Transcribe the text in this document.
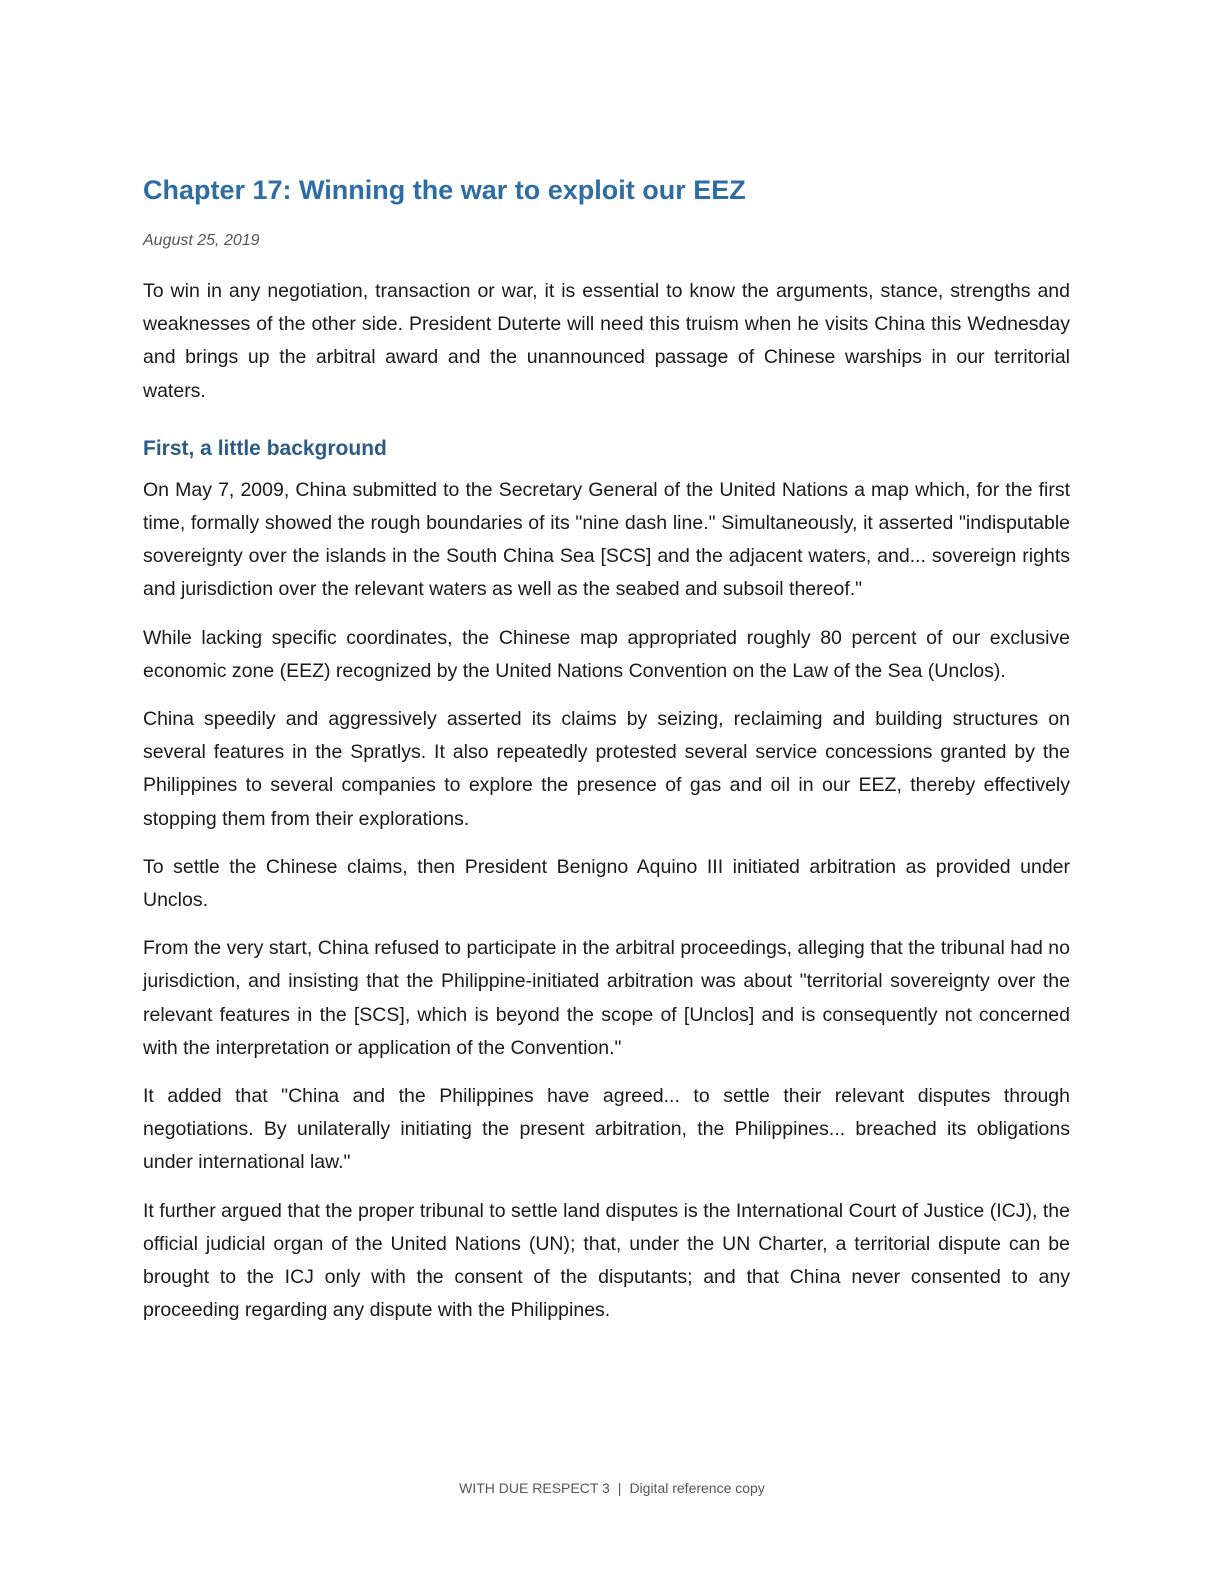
Chapter 17: Winning the war to exploit our EEZ
August 25, 2019

To win in any negotiation, transaction or war, it is essential to know the arguments, stance, strengths and weaknesses of the other side. President Duterte will need this truism when he visits China this Wednesday and brings up the arbitral award and the unannounced passage of Chinese warships in our territorial waters.

First, a little background

On May 7, 2009, China submitted to the Secretary General of the United Nations a map which, for the first time, formally showed the rough boundaries of its "nine dash line." Simultaneously, it asserted "indisputable sovereignty over the islands in the South China Sea [SCS] and the adjacent waters, and... sovereign rights and jurisdiction over the relevant waters as well as the seabed and subsoil thereof."

While lacking specific coordinates, the Chinese map appropriated roughly 80 percent of our exclusive economic zone (EEZ) recognized by the United Nations Convention on the Law of the Sea (Unclos).

China speedily and aggressively asserted its claims by seizing, reclaiming and building structures on several features in the Spratlys. It also repeatedly protested several service concessions granted by the Philippines to several companies to explore the presence of gas and oil in our EEZ, thereby effectively stopping them from their explorations.

To settle the Chinese claims, then President Benigno Aquino III initiated arbitration as provided under Unclos.

From the very start, China refused to participate in the arbitral proceedings, alleging that the tribunal had no jurisdiction, and insisting that the Philippine-initiated arbitration was about "territorial sovereignty over the relevant features in the [SCS], which is beyond the scope of [Unclos] and is consequently not concerned with the interpretation or application of the Convention."

It added that "China and the Philippines have agreed... to settle their relevant disputes through negotiations. By unilaterally initiating the present arbitration, the Philippines... breached its obligations under international law."

It further argued that the proper tribunal to settle land disputes is the International Court of Justice (ICJ), the official judicial organ of the United Nations (UN); that, under the UN Charter, a territorial dispute can be brought to the ICJ only with the consent of the disputants; and that China never consented to any proceeding regarding any dispute with the Philippines.

WITH DUE RESPECT 3 | Digital reference copy
